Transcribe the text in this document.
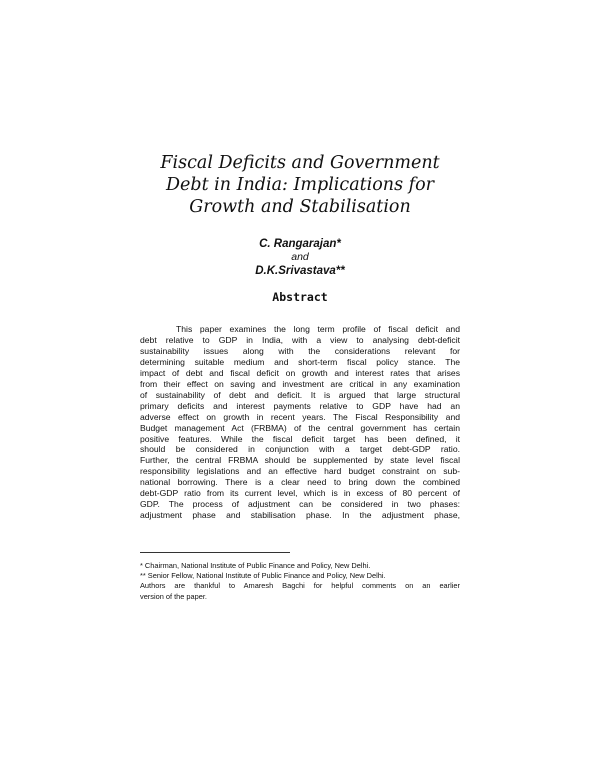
Fiscal Deficits and Government
Debt in India: Implications for
Growth and Stabilisation
C. Rangarajan*
and
D.K.Srivastava**
Abstract
This paper examines the long term profile of fiscal deficit and
debt relative to GDP in India, with a view to analysing debt-deficit
sustainability issues along with the considerations relevant for
determining suitable medium and short-term fiscal policy stance. The
impact of debt and fiscal deficit on growth and interest rates that arises
from their effect on saving and investment are critical in any examination
of sustainability of debt and deficit. It is argued that large structural
primary deficits and interest payments relative to GDP have had an
adverse effect on growth in recent years. The Fiscal Responsibility and
Budget management Act (FRBMA) of the central government has certain
positive features. While the fiscal deficit target has been defined, it
should be considered in conjunction with a target debt-GDP ratio.
Further, the central FRBMA should be supplemented by state level fiscal
responsibility legislations and an effective hard budget constraint on sub-
national borrowing. There is a clear need to bring down the combined
debt-GDP ratio from its current level, which is in excess of 80 percent of
GDP. The process of adjustment can be considered in two phases:
adjustment phase and stabilisation phase. In the adjustment phase,
* Chairman, National Institute of Public Finance and Policy, New Delhi.
** Senior Fellow, National Institute of Public Finance and Policy, New Delhi.
Authors are thankful to Amaresh Bagchi for helpful comments on an earlier
version of the paper.
